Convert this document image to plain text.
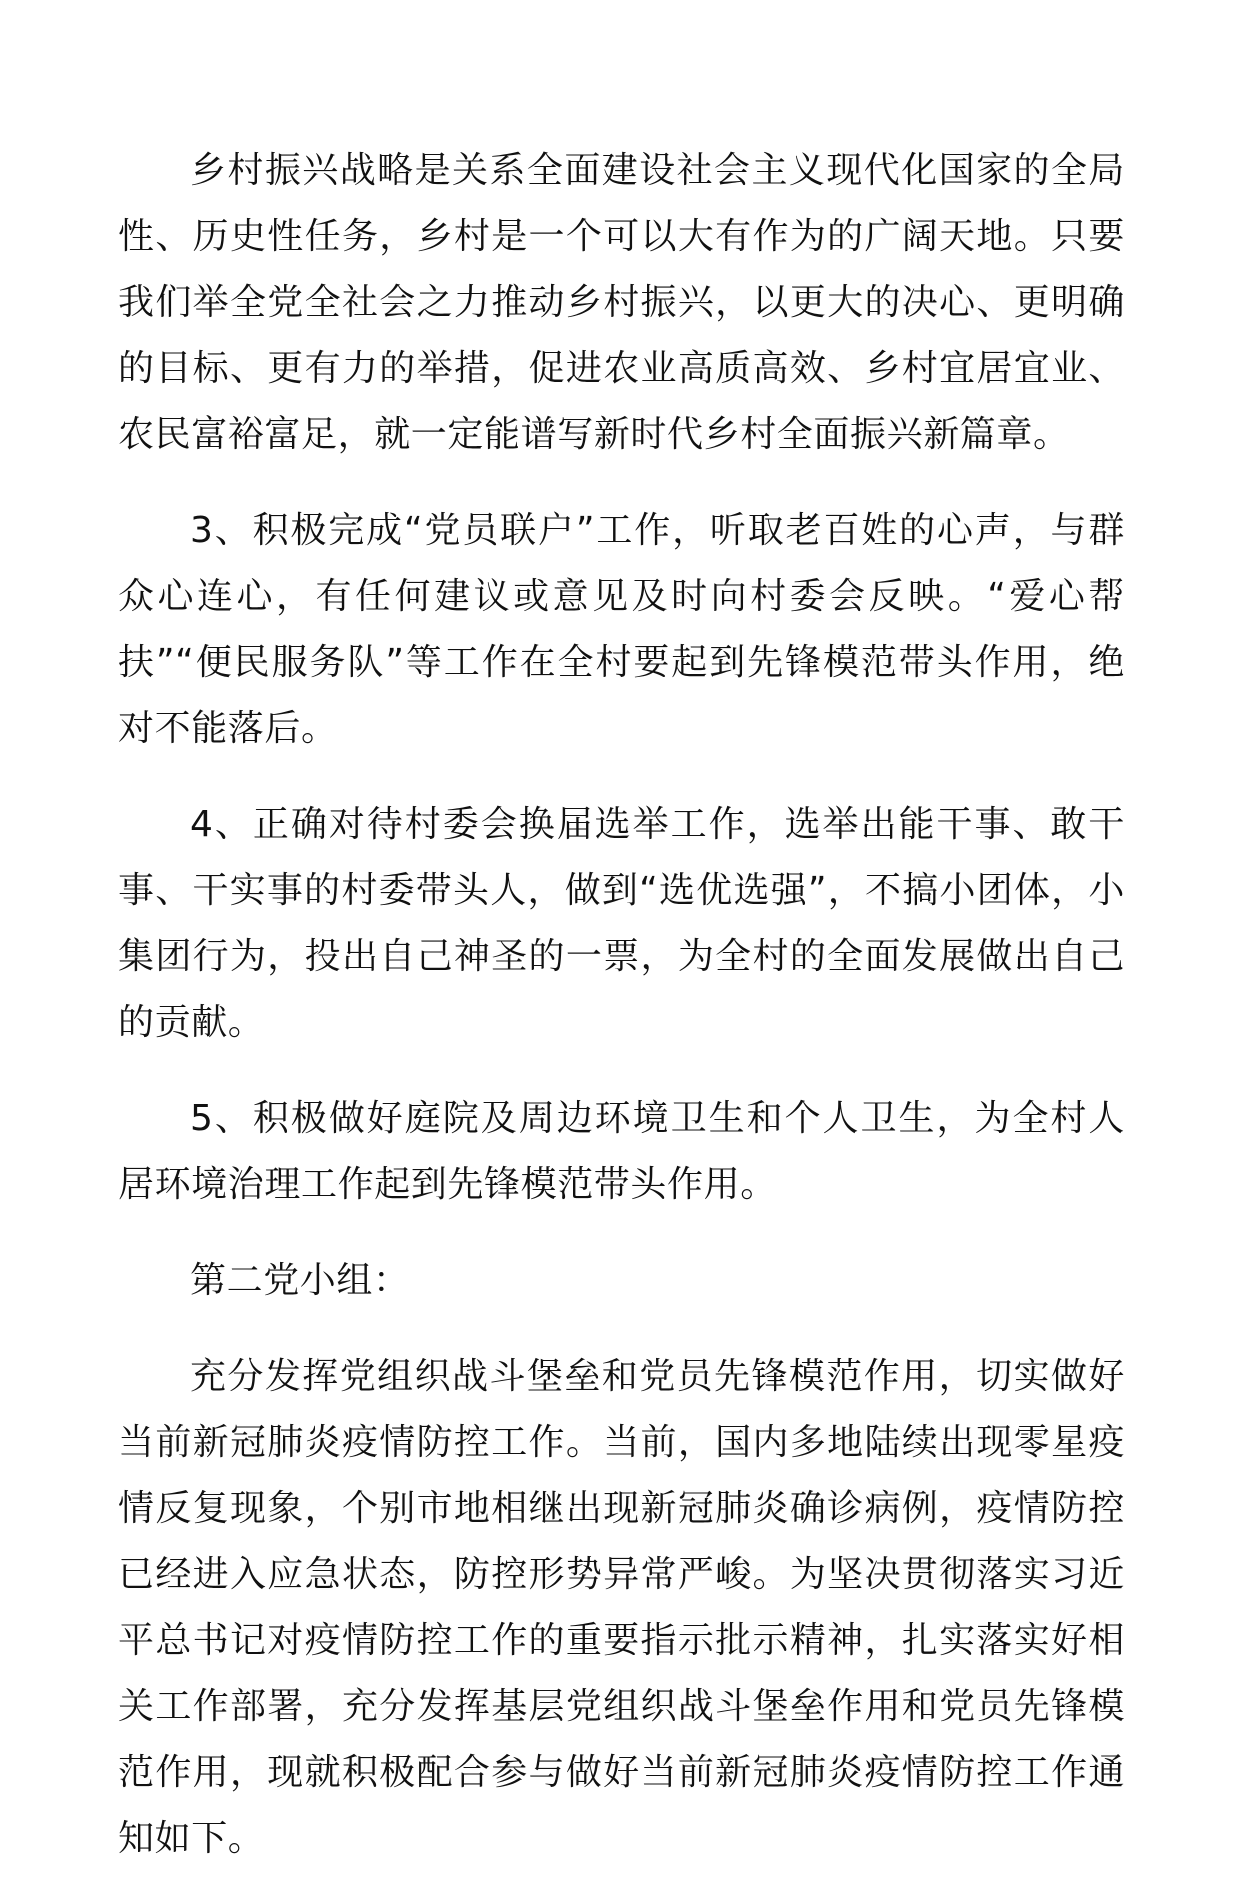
乡村振兴战略是关系全面建设社会主义现代化国家的全局性、历史性任务，乡村是一个可以大有作为的广阔天地。只要我们举全党全社会之力推动乡村振兴，以更大的决心、更明确的目标、更有力的举措，促进农业高质高效、乡村宜居宜业、农民富裕富足，就一定能谱写新时代乡村全面振兴新篇章。

3、积极完成“党员联户”工作，听取老百姓的心声，与群众心连心，有任何建议或意见及时向村委会反映。“爱心帮扶”“便民服务队”等工作在全村要起到先锋模范带头作用，绝对不能落后。

4、正确对待村委会换届选举工作，选举出能干事、敢干事、干实事的村委带头人，做到“选优选强”，不搞小团体，小集团行为，投出自己神圣的一票，为全村的全面发展做出自己的贡献。

5、积极做好庭院及周边环境卫生和个人卫生，为全村人居环境治理工作起到先锋模范带头作用。

第二党小组：

充分发挥党组织战斗堡垒和党员先锋模范作用，切实做好当前新冠肺炎疫情防控工作。当前，国内多地陆续出现零星疫情反复现象，个别市地相继出现新冠肺炎确诊病例，疫情防控已经进入应急状态，防控形势异常严峻。为坚决贯彻落实习近平总书记对疫情防控工作的重要指示批示精神，扎实落实好相关工作部署，充分发挥基层党组织战斗堡垒作用和党员先锋模范作用，现就积极配合参与做好当前新冠肺炎疫情防控工作通知如下。
